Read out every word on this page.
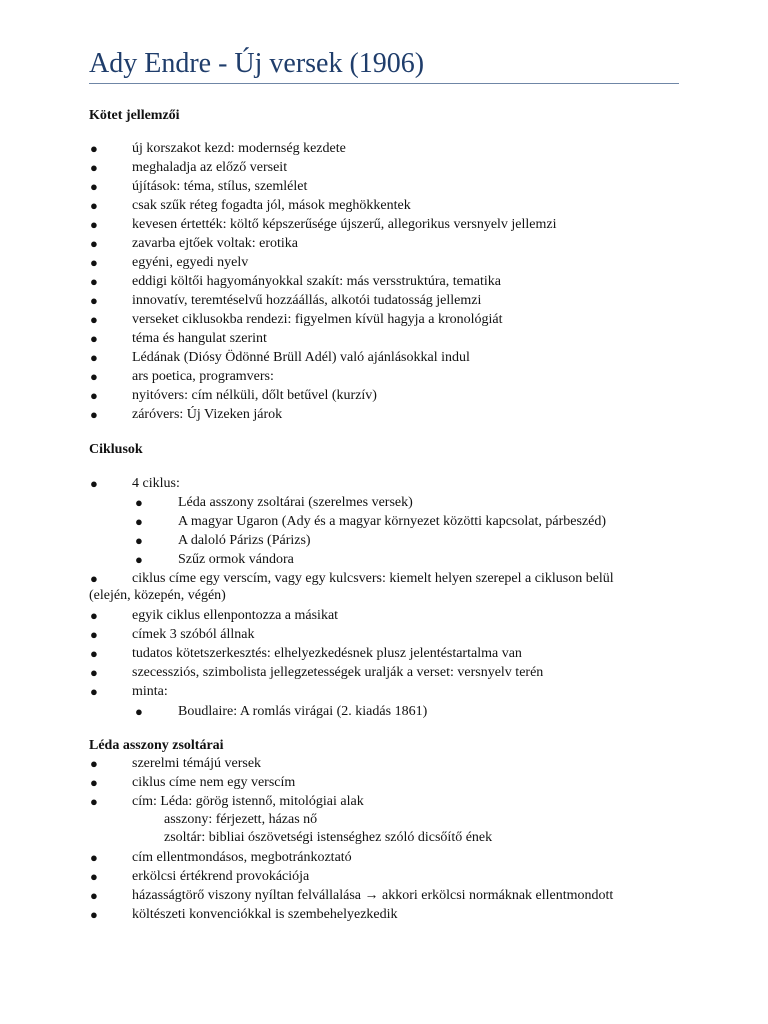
Ady Endre - Új versek (1906)
Kötet jellemzői
● új korszakot kezd: modernség kezdete
● meghaladja az előző verseit
● újítások: téma, stílus, szemlélet
● csak szűk réteg fogadta jól, mások meghökkentek
● kevesen értették: költő képszerűsége újszerű, allegorikus versnyelv jellemzi
● zavarba ejtőek voltak: erotika
● egyéni, egyedi nyelv
● eddigi költői hagyományokkal szakít: más versstruktúra, tematika
● innovatív, teremtéselvű hozzáállás, alkotói tudatosság jellemzi
● verseket ciklusokba rendezi: figyelmen kívül hagyja a kronológiát
● téma és hangulat szerint
● Lédának (Diósy Ödönné Brüll Adél) való ajánlásokkal indul
● ars poetica, programvers:
● nyitóvers: cím nélküli, dőlt betűvel (kurzív)
● záróvers: Új Vizeken járok
Ciklusok
● 4 ciklus:
●	Léda asszony zsoltárai (szerelmes versek)
●	A magyar Ugaron (Ady és a magyar környezet közötti kapcsolat, párbeszéd)
●	A daloló Párizs (Párizs)
●	Szűz ormok vándora
● ciklus címe egy verscím, vagy egy kulcsvers: kiemelt helyen szerepel a cikluson belül
(elején, közepén, végén)
● egyik ciklus ellenpontozza a másikat
● címek 3 szóból állnak
● tudatos kötetszerkesztés: elhelyezkedésnek plusz jelentéstartalma van
● szecessziós, szimbolista jellegzetességek uralják a verset: versnyelv terén
● minta:
●	Boudlaire: A romlás virágai (2. kiadás 1861)
Léda asszony zsoltárai
● szerelmi témájú versek
● ciklus címe nem egy verscím
● cím: Léda: görög istennő, mitológiai alak
asszony: férjezett, házas nő
zsoltár: bibliai ószövetségi istenséghez szóló dicsőítő ének
● cím ellentmondásos, megbotránkoztató
● erkölcsi értékrend provokációja
● házasságtörő viszony nyíltan felvállalása → akkori erkölcsi normáknak ellentmondott
● költészeti konvenciókkal is szembehelyezkedik
